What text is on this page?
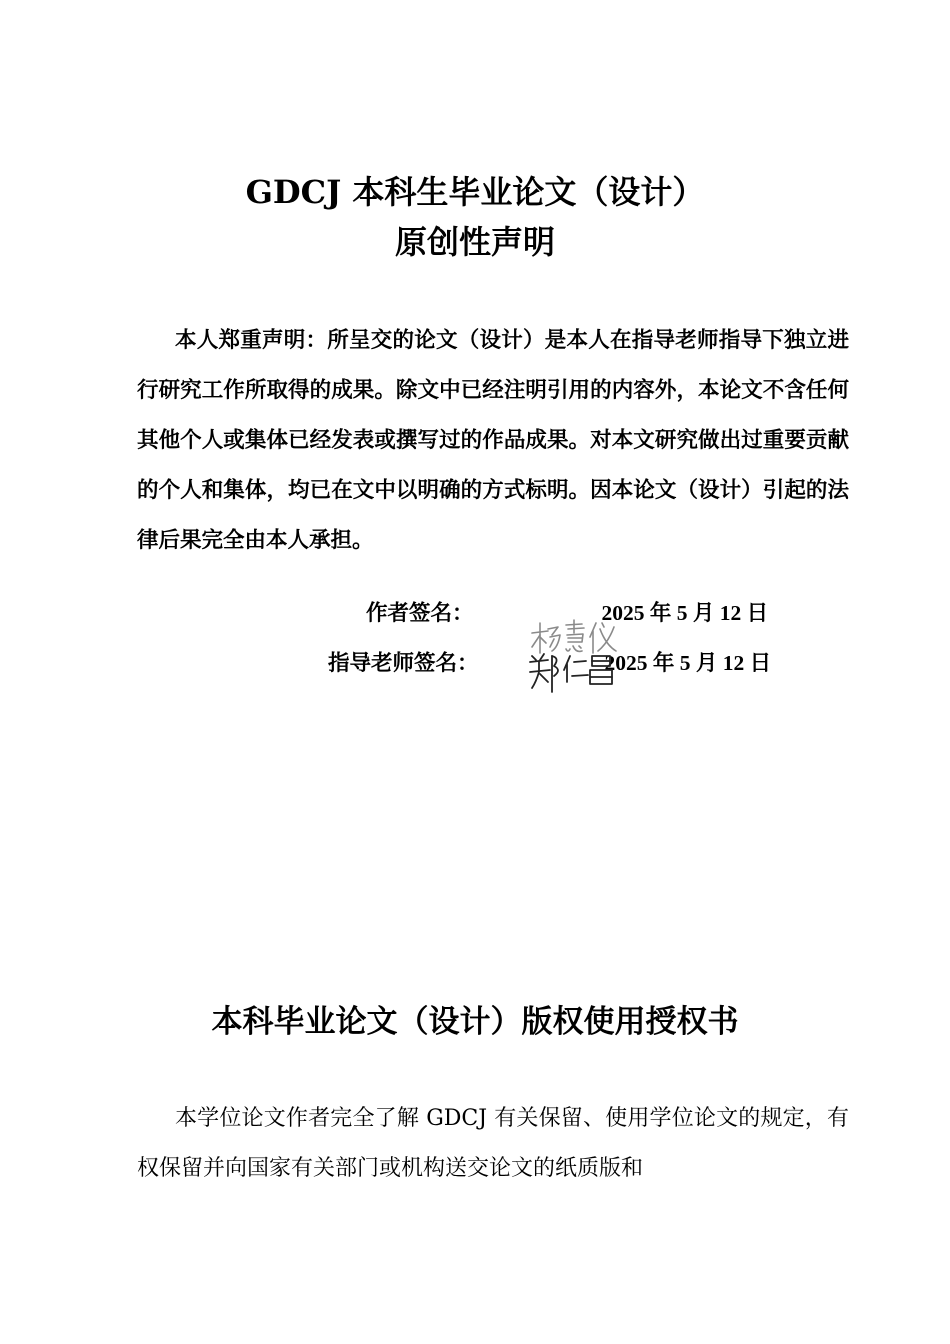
GDCJ 本科生毕业论文（设计）
原创性声明

本人郑重声明：所呈交的论文（设计）是本人在指导老师指导下独立进行研究工作所取得的成果。除文中已经注明引用的内容外，本论文不含任何其他个人或集体已经发表或撰写过的作品成果。对本文研究做出过重要贡献的个人和集体，均已在文中以明确的方式标明。因本论文（设计）引起的法律后果完全由本人承担。

作者签名：	2025 年 5 月 12 日
指导老师签名：	2025 年 5 月 12 日
本科毕业论文（设计）版权使用授权书

本学位论文作者完全了解 GDCJ 有关保留、使用学位论文的规定，有权保留并向国家有关部门或机构送交论文的纸质版和
